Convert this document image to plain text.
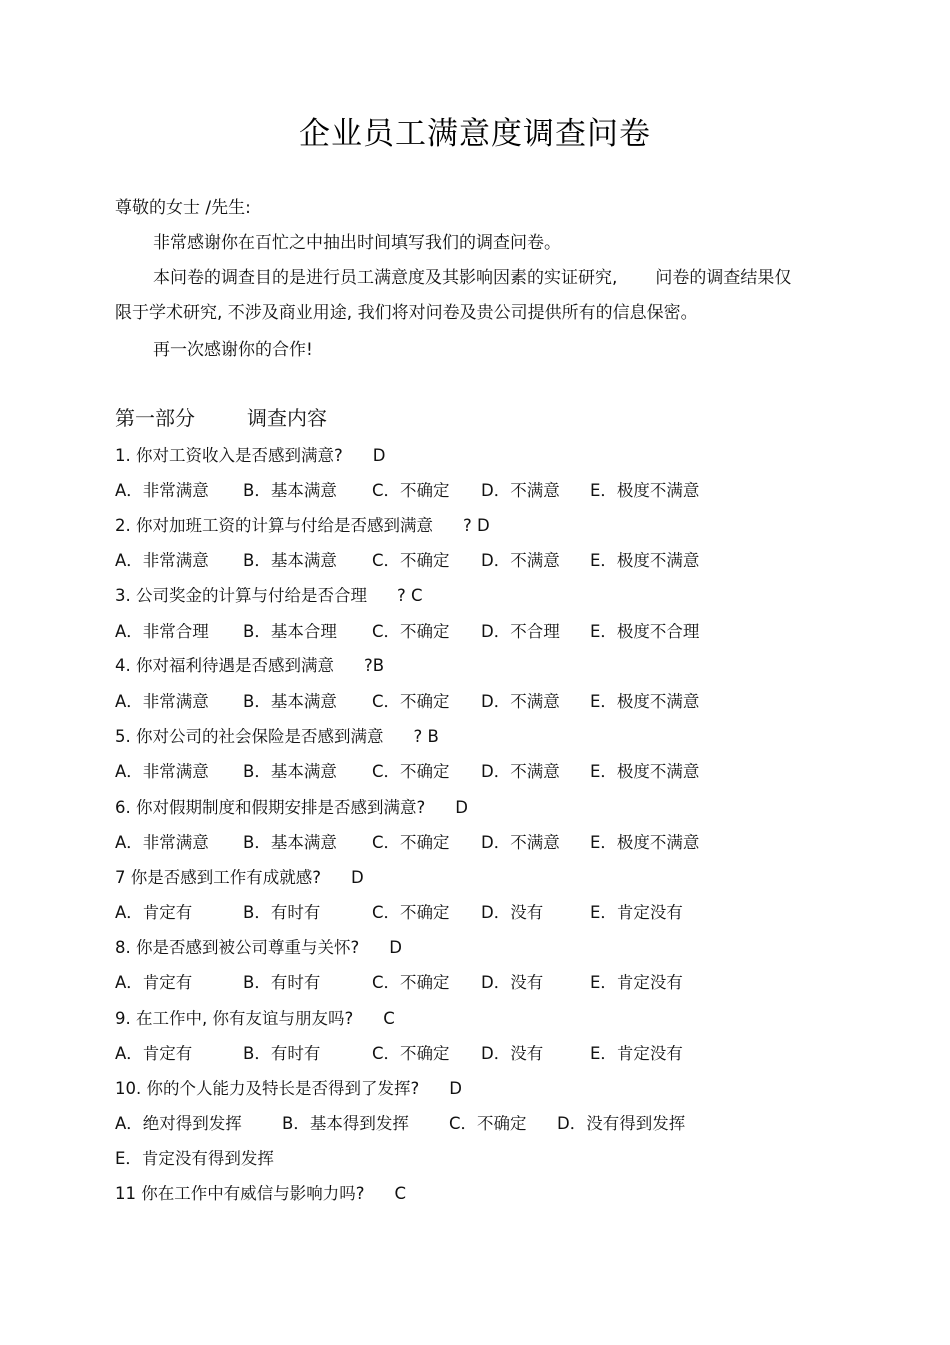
企业员工满意度调查问卷
尊敬的女士 /先生:
非常感谢你在百忙之中抽出时间填写我们的调查问卷。
本问卷的调查目的是进行员工满意度及其影响因素的实证研究, 问卷的调查结果仅
限于学术研究, 不涉及商业用途, 我们将对问卷及贵公司提供所有的信息保密。
再一次感谢你的合作!
第一部分	调查内容
1. 你对工资收入是否感到满意? D
A．非常满意 B．基本满意 C．不确定 D．不满意 E．极度不满意
2. 你对加班工资的计算与付给是否感到满意 ? D
A．非常满意 B．基本满意 C．不确定 D．不满意 E．极度不满意
3. 公司奖金的计算与付给是否合理 ? C
A．非常合理 B．基本合理 C．不确定 D．不合理 E．极度不合理
4. 你对福利待遇是否感到满意 ?B
A．非常满意 B．基本满意 C．不确定 D．不满意 E．极度不满意
5. 你对公司的社会保险是否感到满意 ? B
A．非常满意 B．基本满意 C．不确定 D．不满意 E．极度不满意
6. 你对假期制度和假期安排是否感到满意? D
A．非常满意 B．基本满意 C．不确定 D．不满意 E．极度不满意
7 你是否感到工作有成就感? D
A．肯定有	B．有时有	C．不确定 D．没有	E．肯定没有
8. 你是否感到被公司尊重与关怀? D
A．肯定有	B．有时有	C．不确定 D．没有	E．肯定没有
9. 在工作中, 你有友谊与朋友吗? C
A．肯定有	B．有时有	C．不确定 D．没有	E．肯定没有
10. 你的个人能力及特长是否得到了发挥? D
A．绝对得到发挥 B．基本得到发挥 C．不确定 D．没有得到发挥
E．肯定没有得到发挥
11 你在工作中有威信与影响力吗? C
